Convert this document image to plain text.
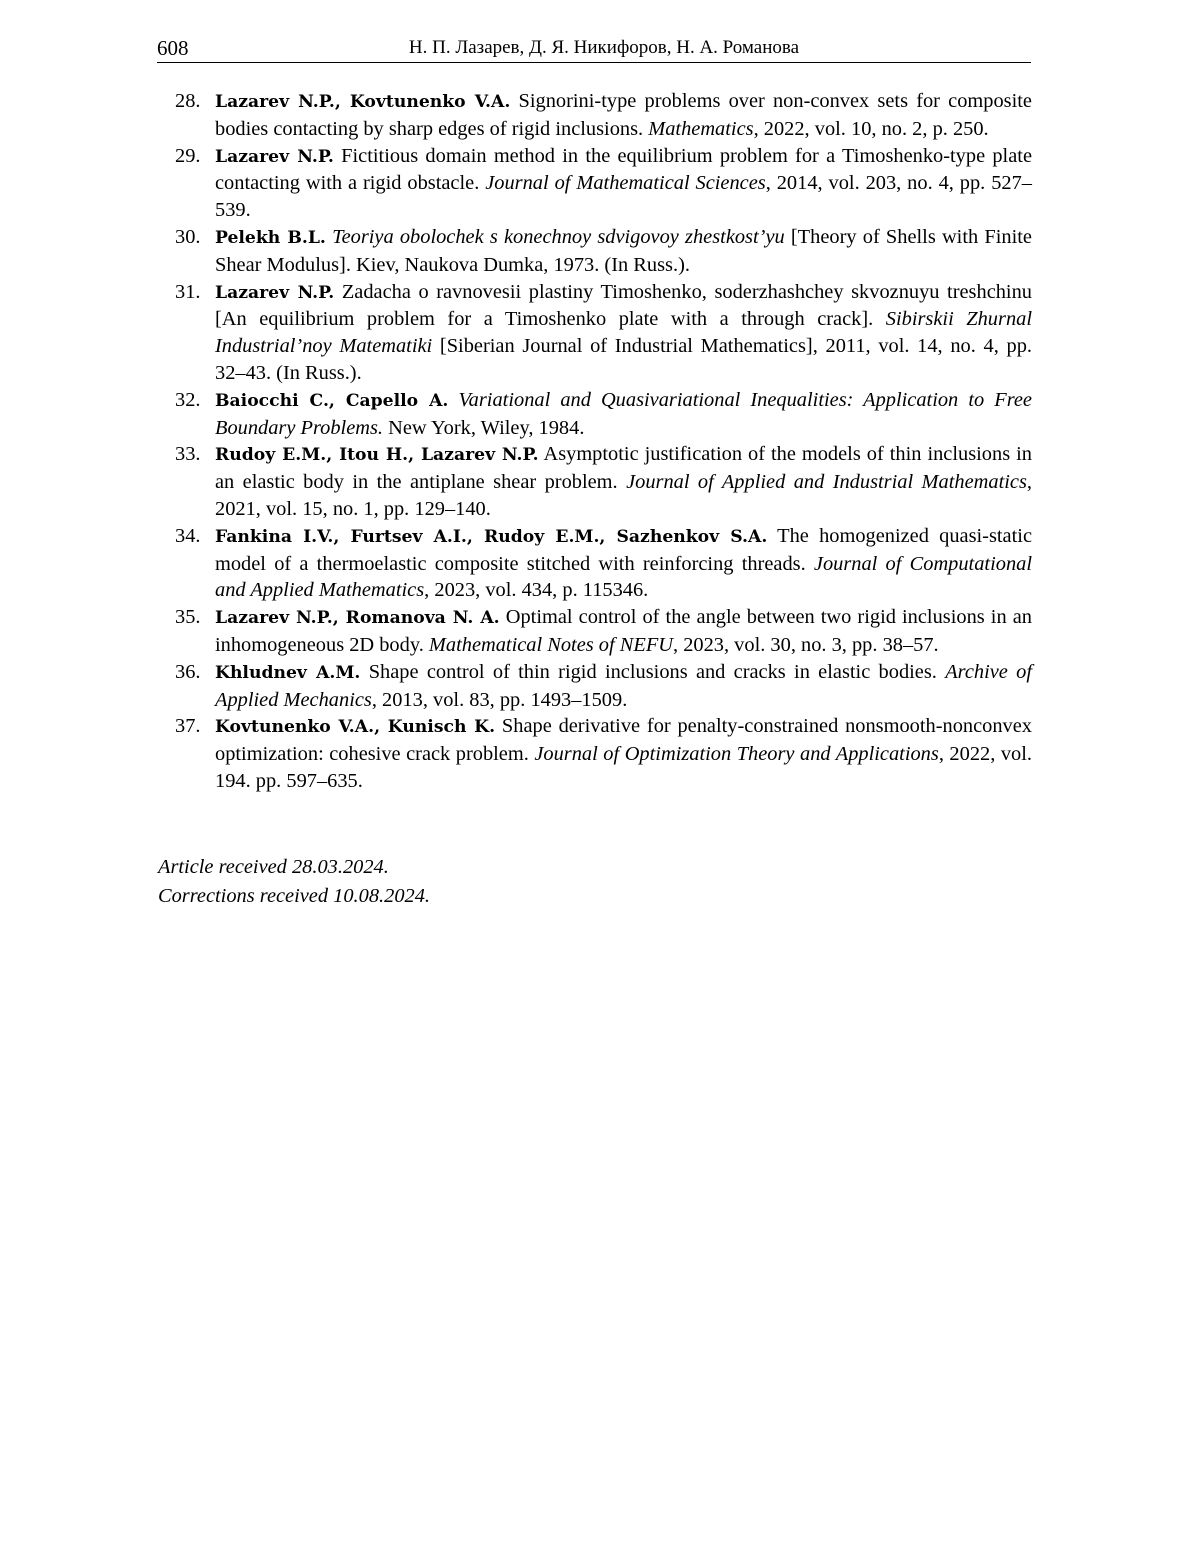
608	Н. П. Лазарев, Д. Я. Никифоров, Н. А. Романова
28. Lazarev N.P., Kovtunenko V.A. Signorini-type problems over non-convex sets for composite bodies contacting by sharp edges of rigid inclusions. Mathematics, 2022, vol. 10, no. 2, p. 250.
29. Lazarev N.P. Fictitious domain method in the equilibrium problem for a Timoshenko-type plate contacting with a rigid obstacle. Journal of Mathematical Sciences, 2014, vol. 203, no. 4, pp. 527–539.
30. Pelekh B.L. Teoriya obolochek s konechnoy sdvigovoy zhestkost’yu [Theory of Shells with Finite Shear Modulus]. Kiev, Naukova Dumka, 1973. (In Russ.).
31. Lazarev N.P. Zadacha o ravnovesii plastiny Timoshenko, soderzhashchey skvoznuyu treshchinu [An equilibrium problem for a Timoshenko plate with a through crack]. Sibirskii Zhurnal Industrial’noy Matematiki [Siberian Journal of Industrial Mathematics], 2011, vol. 14, no. 4, pp. 32–43. (In Russ.).
32. Baiocchi C., Capello A. Variational and Quasivariational Inequalities: Application to Free Boundary Problems. New York, Wiley, 1984.
33. Rudoy E.M., Itou H., Lazarev N.P. Asymptotic justification of the models of thin inclusions in an elastic body in the antiplane shear problem. Journal of Applied and Industrial Mathematics, 2021, vol. 15, no. 1, pp. 129–140.
34. Fankina I.V., Furtsev A.I., Rudoy E.M., Sazhenkov S.A. The homogenized quasi-static model of a thermoelastic composite stitched with reinforcing threads. Journal of Computational and Applied Mathematics, 2023, vol. 434, p. 115346.
35. Lazarev N.P., Romanova N. A. Optimal control of the angle between two rigid inclusions in an inhomogeneous 2D body. Mathematical Notes of NEFU, 2023, vol. 30, no. 3, pp. 38–57.
36. Khludnev A.M. Shape control of thin rigid inclusions and cracks in elastic bodies. Archive of Applied Mechanics, 2013, vol. 83, pp. 1493–1509.
37. Kovtunenko V.A., Kunisch K. Shape derivative for penalty-constrained nonsmooth-nonconvex optimization: cohesive crack problem. Journal of Optimization Theory and Applications, 2022, vol. 194. pp. 597–635.
Article received 28.03.2024.
Corrections received 10.08.2024.
